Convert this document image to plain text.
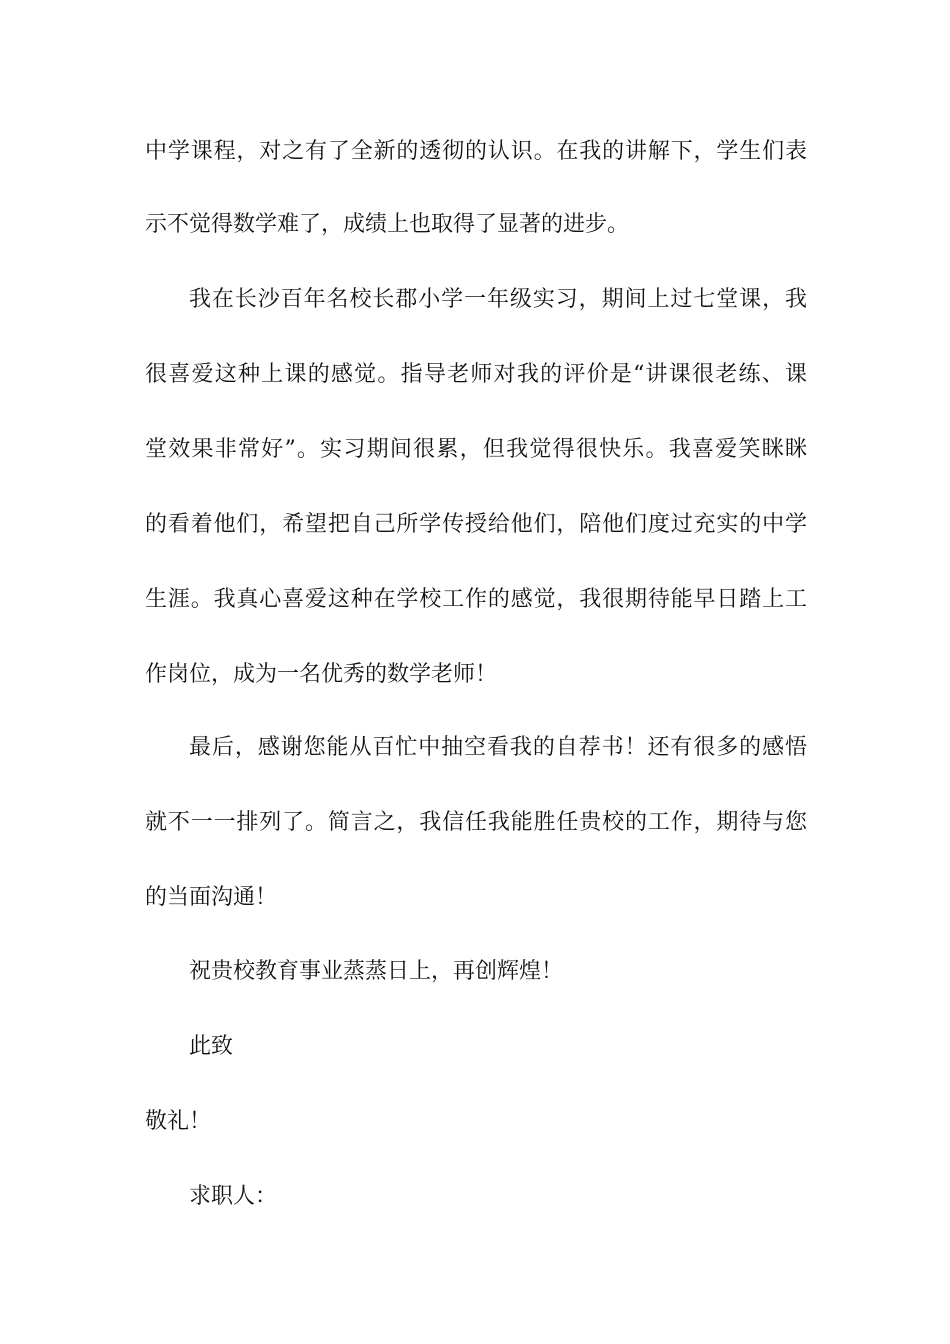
中学课程，对之有了全新的透彻的认识。在我的讲解下，学生们表
示不觉得数学难了，成绩上也取得了显著的进步。
我在长沙百年名校长郡小学一年级实习，期间上过七堂课，我
很喜爱这种上课的感觉。指导老师对我的评价是“讲课很老练、课
堂效果非常好”。实习期间很累，但我觉得很快乐。我喜爱笑眯眯
的看着他们，希望把自己所学传授给他们，陪他们度过充实的中学
生涯。我真心喜爱这种在学校工作的感觉，我很期待能早日踏上工
作岗位，成为一名优秀的数学老师！
最后，感谢您能从百忙中抽空看我的自荐书！还有很多的感悟
就不一一排列了。简言之，我信任我能胜任贵校的工作，期待与您
的当面沟通！
祝贵校教育事业蒸蒸日上，再创辉煌！
此致
敬礼！
求职人：
